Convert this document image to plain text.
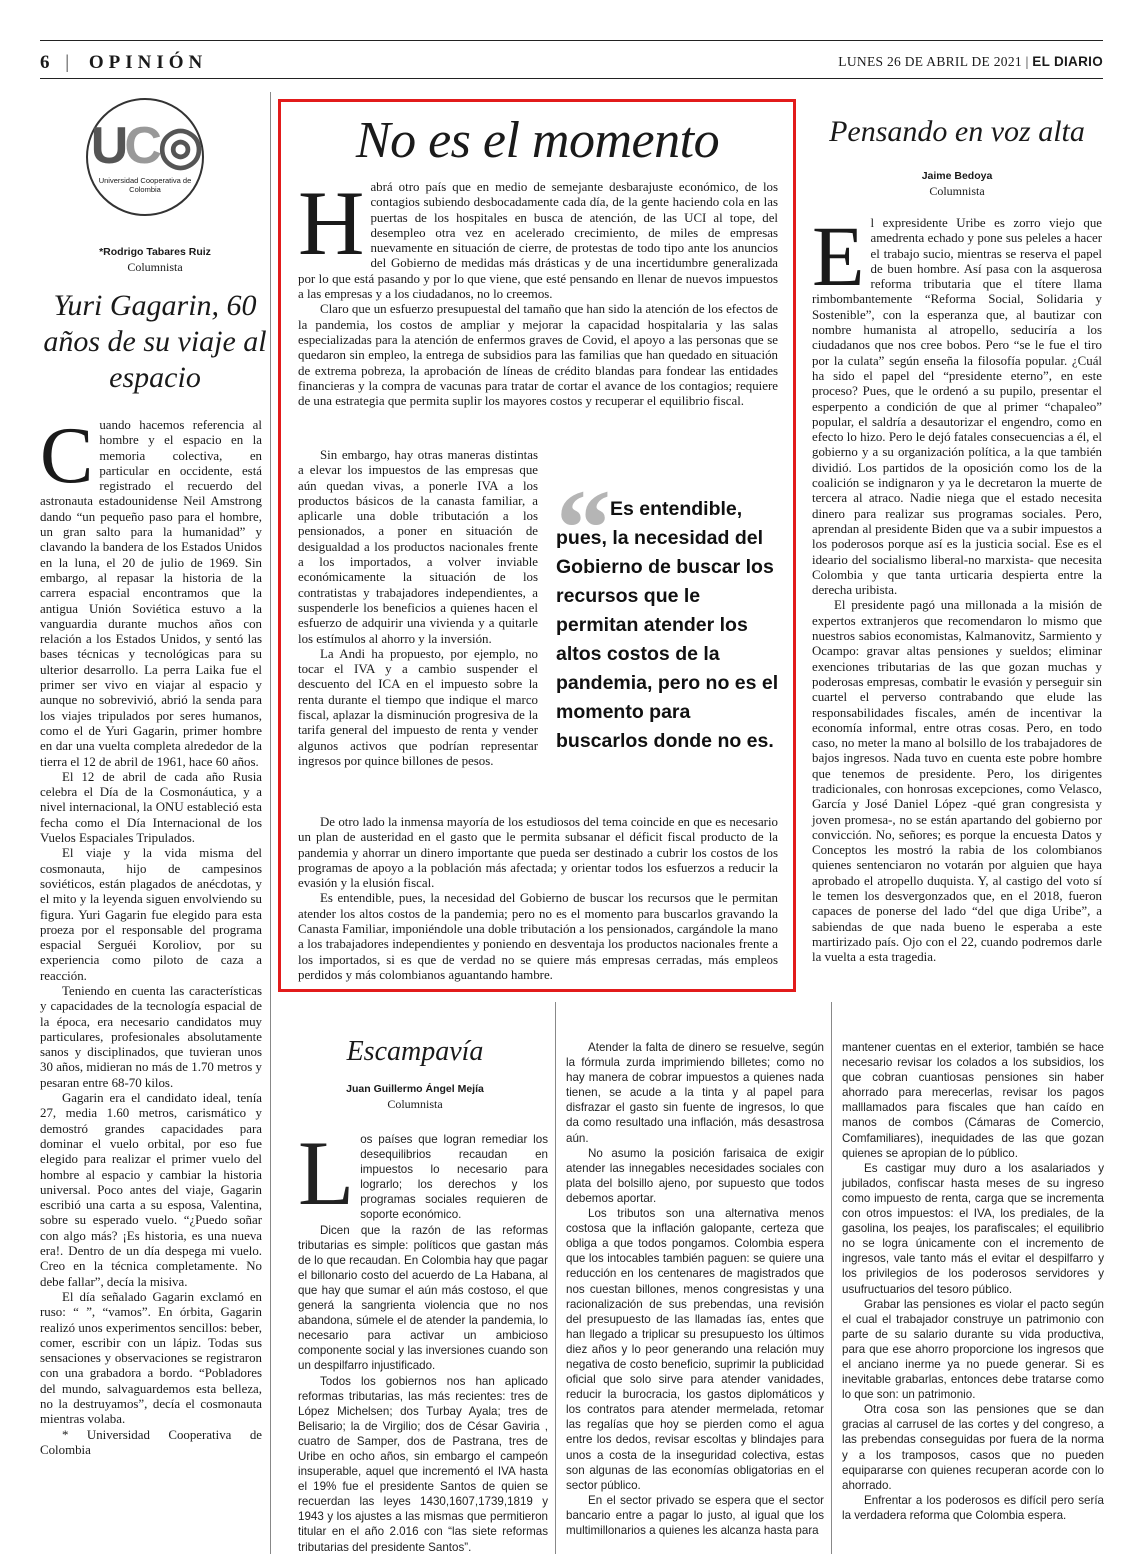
6 | OPINIÓN	LUNES 26 DE ABRIL DE 2021 | EL DIARIO
UC◎
Universidad Cooperativa de Colombia
*Rodrigo Tabares Ruiz
Columnista
Yuri Gagarin, 60 años de su viaje al espacio
C uando hacemos referencia al hombre y el espacio en la memoria colectiva, en particular en occidente, está registrado el recuerdo del astronauta estadounidense Neil Amstrong dando “un pequeño paso para el hombre, un gran salto para la humanidad” y clavando la bandera de los Estados Unidos en la luna, el 20 de julio de 1969. Sin embargo, al repasar la historia de la carrera espacial encontramos que la antigua Unión Soviética estuvo a la vanguardia durante muchos años con relación a los Estados Unidos, y sentó las bases técnicas y tecnológicas para su ulterior desarrollo. La perra Laika fue el primer ser vivo en viajar al espacio y aunque no sobrevivió, abrió la senda para los viajes tripulados por seres humanos, como el de Yuri Gagarin, primer hombre en dar una vuelta completa alrededor de la tierra el 12 de abril de 1961, hace 60 años.

El 12 de abril de cada año Rusia celebra el Día de la Cosmonáutica, y a nivel internacional, la ONU estableció esta fecha como el Día Internacional de los Vuelos Espaciales Tripulados.

El viaje y la vida misma del cosmonauta, hijo de campesinos soviéticos, están plagados de anécdotas, y el mito y la leyenda siguen envolviendo su figura. Yuri Gagarin fue elegido para esta proeza por el responsable del programa espacial Serguéi Koroliov, por su experiencia como piloto de caza a reacción.

Teniendo en cuenta las características y capacidades de la tecnología espacial de la época, era necesario candidatos muy particulares, profesionales absolutamente sanos y disciplinados, que tuvieran unos 30 años, midieran no más de 1.70 metros y pesaran entre 68-70 kilos.

Gagarin era el candidato ideal, tenía 27, media 1.60 metros, carismático y demostró grandes capacidades para dominar el vuelo orbital, por eso fue elegido para realizar el primer vuelo del hombre al espacio y cambiar la historia universal. Poco antes del viaje, Gagarin escribió una carta a su esposa, Valentina, sobre su esperado vuelo. “¿Puedo soñar con algo más? ¡Es historia, es una nueva era!. Dentro de un día despega mi vuelo. Creo en la técnica completamente. No debe fallar”, decía la misiva.

El día señalado Gagarin exclamó en ruso: “ ”, “vamos”. En órbita, Gagarin realizó unos experimentos sencillos: beber, comer, escribir con un lápiz. Todas sus sensaciones y observaciones se registraron con una grabadora a bordo. “Pobladores del mundo, salvaguardemos esta belleza, no la destruyamos”, decía el cosmonauta mientras volaba.

* Universidad Cooperativa de Colombia

No es el momento
H abrá otro país que en medio de semejante desbarajuste económico, de los contagios subiendo desbocadamente cada día, de la gente haciendo cola en las puertas de los hospitales en busca de atención, de las UCI al tope, del desempleo otra vez en acelerado crecimiento, de miles de empresas nuevamente en situación de cierre, de protestas de todo tipo ante los anuncios del Gobierno de medidas más drásticas y de una incertidumbre generalizada por lo que está pasando y por lo que viene, que esté pensando en llenar de nuevos impuestos a las empresas y a los ciudadanos, no lo creemos.

Claro que un esfuerzo presupuestal del tamaño que han sido la atención de los efectos de la pandemia, los costos de ampliar y mejorar la capacidad hospitalaria y las salas especializadas para la atención de enfermos graves de Covid, el apoyo a las personas que se quedaron sin empleo, la entrega de subsidios para las familias que han quedado en situación de extrema pobreza, la aprobación de líneas de crédito blandas para fondear las entidades financieras y la compra de vacunas para tratar de cortar el avance de los contagios; requiere de una estrategia que permita suplir los mayores costos y recuperar el equilibrio fiscal.

Sin embargo, hay otras maneras distintas a elevar los impuestos de las empresas que aún quedan vivas, a ponerle IVA a los productos básicos de la canasta familiar, a aplicarle una doble tributación a los pensionados, a poner en situación de desigualdad a los productos nacionales frente a los importados, a volver inviable económicamente la situación de los contratistas y trabajadores independientes, a suspenderle los beneficios a quienes hacen el esfuerzo de adquirir una vivienda y a quitarle los estímulos al ahorro y la inversión.

La Andi ha propuesto, por ejemplo, no tocar el IVA y a cambio suspender el descuento del ICA en el impuesto sobre la renta durante el tiempo que indique el marco fiscal, aplazar la disminución progresiva de la tarifa general del impuesto de renta y vender algunos activos que podrían representar ingresos por quince billones de pesos.

De otro lado la inmensa mayoría de los estudiosos del tema coincide en que es necesario un plan de austeridad en el gasto que le permita subsanar el déficit fiscal producto de la pandemia y ahorrar un dinero importante que pueda ser destinado a cubrir los costos de los programas de apoyo a la población más afectada; y orientar todos los esfuerzos a reducir la evasión y la elusión fiscal.

Es entendible, pues, la necesidad del Gobierno de buscar los recursos que le permitan atender los altos costos de la pandemia; pero no es el momento para buscarlos gravando la Canasta Familiar, imponiéndole una doble tributación a los pensionados, cargándole la mano a los trabajadores independientes y poniendo en desventaja los productos nacionales frente a los importados, si es que de verdad no se quiere más empresas cerradas, más empleos perdidos y más colombianos aguantando hambre.

“ Es entendible, pues, la necesidad del Gobierno de buscar los recursos que le permitan atender los altos costos de la pandemia, pero no es el momento para buscarlos donde no es.
Pensando en voz alta
Jaime Bedoya
Columnista
E l expresidente Uribe es zorro viejo que amedrenta echado y pone sus peleles a hacer el trabajo sucio, mientras se reserva el papel de buen hombre. Así pasa con la asquerosa reforma tributaria que el títere llama rimbombantemente “Reforma Social, Solidaria y Sostenible”, con la esperanza que, al bautizar con nombre humanista al atropello, seduciría a los ciudadanos que nos cree bobos. Pero “se le fue el tiro por la culata” según enseña la filosofía popular. ¿Cuál ha sido el papel del “presidente eterno”, en este proceso? Pues, que le ordenó a su pupilo, presentar el esperpento a condición de que al primer “chapaleo” popular, el saldría a desautorizar el engendro, como en efecto lo hizo. Pero le dejó fatales consecuencias a él, el gobierno y a su organización política, a la que también dividió. Los partidos de la oposición como los de la coalición se indignaron y ya le decretaron la muerte de tercera al atraco. Nadie niega que el estado necesita dinero para realizar sus programas sociales. Pero, aprendan al presidente Biden que va a subir impuestos a los poderosos porque así es la justicia social. Ese es el ideario del socialismo liberal-no marxista- que necesita Colombia y que tanta urticaria despierta entre la derecha uribista.

El presidente pagó una millonada a la misión de expertos extranjeros que recomendaron lo mismo que nuestros sabios economistas, Kalmanovitz, Sarmiento y Ocampo: gravar altas pensiones y sueldos; eliminar exenciones tributarias de las que gozan muchas y poderosas empresas, combatir le evasión y perseguir sin cuartel el perverso contrabando que elude las responsabilidades fiscales, amén de incentivar la economía informal, entre otras cosas. Pero, en todo caso, no meter la mano al bolsillo de los trabajadores de bajos ingresos. Nada tuvo en cuenta este pobre hombre que tenemos de presidente. Pero, los dirigentes tradicionales, con honrosas excepciones, como Velasco, García y José Daniel López -qué gran congresista y joven promesa-, no se están apartando del gobierno por convicción. No, señores; es porque la encuesta Datos y Conceptos les mostró la rabia de los colombianos quienes sentenciaron no votarán por alguien que haya aprobado el atropello duquista. Y, al castigo del voto sí le temen los desvergonzados que, en el 2018, fueron capaces de ponerse del lado “del que diga Uribe”, a sabiendas de que nada bueno le esperaba a este martirizado país. Ojo con el 22, cuando podremos darle la vuelta a esta tragedia.

Escampavía
Juan Guillermo Ángel Mejía
Columnista
L os países que logran remediar los desequilibrios recaudan en impuestos lo necesario para lograrlo; los derechos y los programas sociales requieren de soporte económico.

Dicen que la razón de las reformas tributarias es simple: políticos que gastan más de lo que recaudan. En Colombia hay que pagar el billonario costo del acuerdo de La Habana, al que hay que sumar el aún más costoso, el que generá la sangrienta violencia que no nos abandona, súmele el de atender la pandemia, lo necesario para activar un ambicioso componente social y las inversiones cuando son un despilfarro injustificado.

Todos los gobiernos nos han aplicado reformas tributarias, las más recientes: tres de López Michelsen; dos Turbay Ayala; tres de Belisario; la de Virgilio; dos de César Gaviria , cuatro de Samper, dos de Pastrana, tres de Uribe en ocho años, sin embargo el campeón insuperable, aquel que incrementó el IVA hasta el 19% fue el presidente Santos de quien se recuerdan las leyes 1430,1607,1739,1819 y 1943 y los ajustes a las mismas que permitieron titular en el año 2.016 con “las siete reformas tributarias del presidente Santos”.

Atender la falta de dinero se resuelve, según la fórmula zurda imprimiendo billetes; como no hay manera de cobrar impuestos a quienes nada tienen, se acude a la tinta y al papel para disfrazar el gasto sin fuente de ingresos, lo que da como resultado una inflación, más desastrosa aún.

No asumo la posición farisaica de exigir atender las innegables necesidades sociales con plata del bolsillo ajeno, por supuesto que todos debemos aportar.

Los tributos son una alternativa menos costosa que la inflación galopante, certeza que obliga a que todos pongamos. Colombia espera que los intocables también paguen: se quiere una reducción en los centenares de magistrados que nos cuestan billones, menos congresistas y una racionalización de sus prebendas, una revisión del presupuesto de las llamadas ías, entes que han llegado a triplicar su presupuesto los últimos diez años y lo peor generando una relación muy negativa de costo beneficio, suprimir la publicidad oficial que solo sirve para atender vanidades, reducir la burocracia, los gastos diplomáticos y los contratos para atender mermelada, retomar las regalías que hoy se pierden como el agua entre los dedos, revisar escoltas y blindajes para unos a costa de la inseguridad colectiva, estas son algunas de las economías obligatorias en el sector público.

En el sector privado se espera que el sector bancario entre a pagar lo justo, al igual que los multimillonarios a quienes les alcanza hasta para

mantener cuentas en el exterior, también se hace necesario revisar los colados a los subsidios, los que cobran cuantiosas pensiones sin haber ahorrado para merecerlas, revisar los pagos malllamados para fiscales que han caído en manos de combos (Cámaras de Comercio, Comfamiliares), inequidades de las que gozan quienes se apropian de lo público.

Es castigar muy duro a los asalariados y jubilados, confiscar hasta meses de su ingreso como impuesto de renta, carga que se incrementa con otros impuestos: el IVA, los prediales, de la gasolina, los peajes, los parafiscales; el equilibrio no se logra únicamente con el incremento de ingresos, vale tanto más el evitar el despilfarro y los privilegios de los poderosos servidores y usufructuarios del tesoro público.

Grabar las pensiones es violar el pacto según el cual el trabajador construye un patrimonio con parte de su salario durante su vida productiva, para que ese ahorro proporcione los ingresos que el anciano inerme ya no puede generar. Si es inevitable grabarlas, entonces debe tratarse como lo que son: un patrimonio.

Otra cosa son las pensiones que se dan gracias al carrusel de las cortes y del congreso, a las prebendas conseguidas por fuera de la norma y a los tramposos, casos que no pueden equipararse con quienes recuperan acorde con lo ahorrado.

Enfrentar a los poderosos es difícil pero sería la verdadera reforma que Colombia espera.
